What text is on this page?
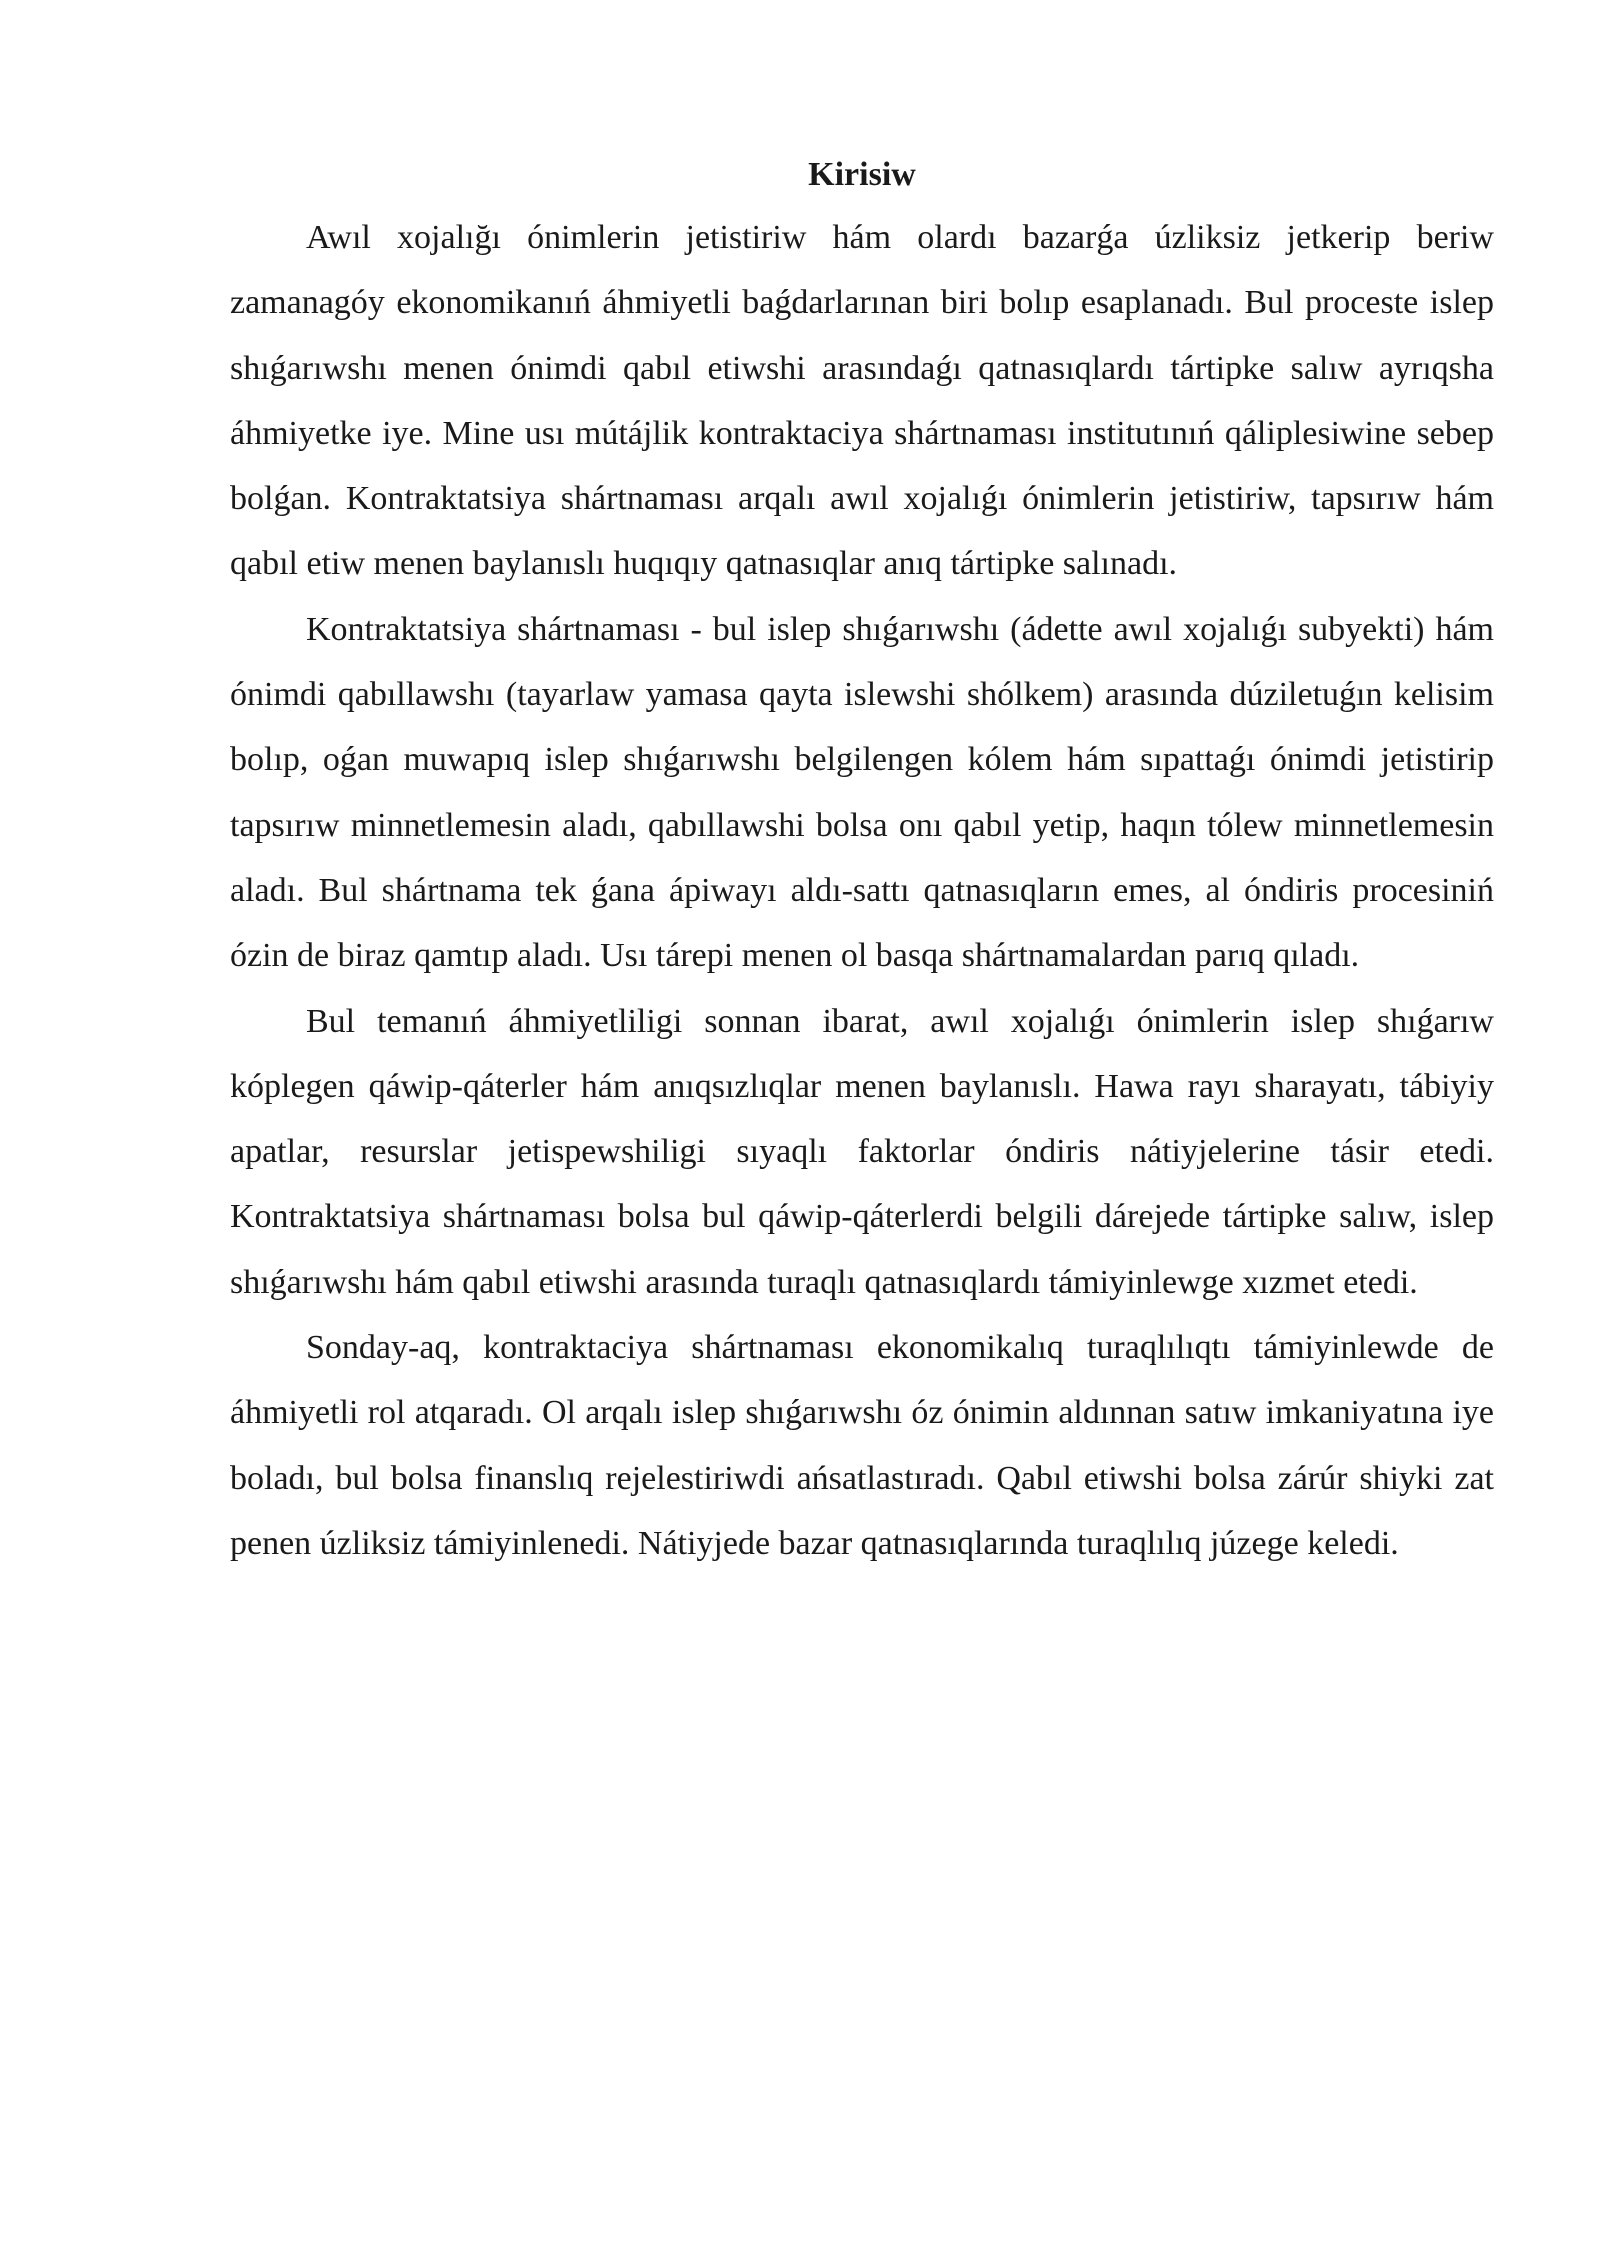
Kirisiw

Awıl xojalığı ónimlerin jetistiriw hám olardı bazarǵa úzliksiz jetkerip beriw zamanagóy ekonomikanıń áhmiyetli baǵdarlarınan biri bolıp esaplanadı. Bul proceste islep shıǵarıwshı menen ónimdi qabıl etiwshi arasındaǵı qatnasıqlardı tártipke salıw ayrıqsha áhmiyetke iye. Mine usı mútájlik kontraktaciya shártnaması institutınıń qáliplesiwine sebep bolǵan. Kontraktatsiya shártnaması arqalı awıl xojalıǵı ónimlerin jetistiriw, tapsırıw hám qabıl etiw menen baylanıslı huqıqıy qatnasıqlar anıq tártipke salınadı.

Kontraktatsiya shártnaması - bul islep shıǵarıwshı (ádette awıl xojalıǵı subyekti) hám ónimdi qabıllawshı (tayarlaw yamasa qayta islewshi shólkem) arasında dúziletuǵın kelisim bolıp, oǵan muwapıq islep shıǵarıwshı belgilengen kólem hám sıpattaǵı ónimdi jetistirip tapsırıw minnetlemesin aladı, qabıllawshi bolsa onı qabıl yetip, haqın tólew minnetlemesin aladı. Bul shártnama tek ǵana ápiwayı aldı-sattı qatnasıqların emes, al óndiris procesiniń ózin de biraz qamtıp aladı. Usı tárepi menen ol basqa shártnamalardan parıq qıladı.

Bul temanıń áhmiyetliligi sonnan ibarat, awıl xojalıǵı ónimlerin islep shıǵarıw kóplegen qáwip-qáterler hám anıqsızlıqlar menen baylanıslı. Hawa rayı sharayatı, tábiyiy apatlar, resurslar jetispewshiligi sıyaqlı faktorlar óndiris nátiyjelerine tásir etedi. Kontraktatsiya shártnaması bolsa bul qáwip-qáterlerdi belgili dárejede tártipke salıw, islep shıǵarıwshı hám qabıl etiwshi arasında turaqlı qatnasıqlardı támiyinlewge xızmet etedi.

Sonday-aq, kontraktaciya shártnaması ekonomikalıq turaqlılıqtı támiyinlewde de áhmiyetli rol atqaradı. Ol arqalı islep shıǵarıwshı óz ónimin aldınnan satıw imkaniyatına iye boladı, bul bolsa finanslıq rejelestiriwdi ańsatlastıradı. Qabıl etiwshi bolsa zárúr shiyki zat penen úzliksiz támiyinlenedi. Nátiyjede bazar qatnasıqlarında turaqlılıq júzege keledi.
